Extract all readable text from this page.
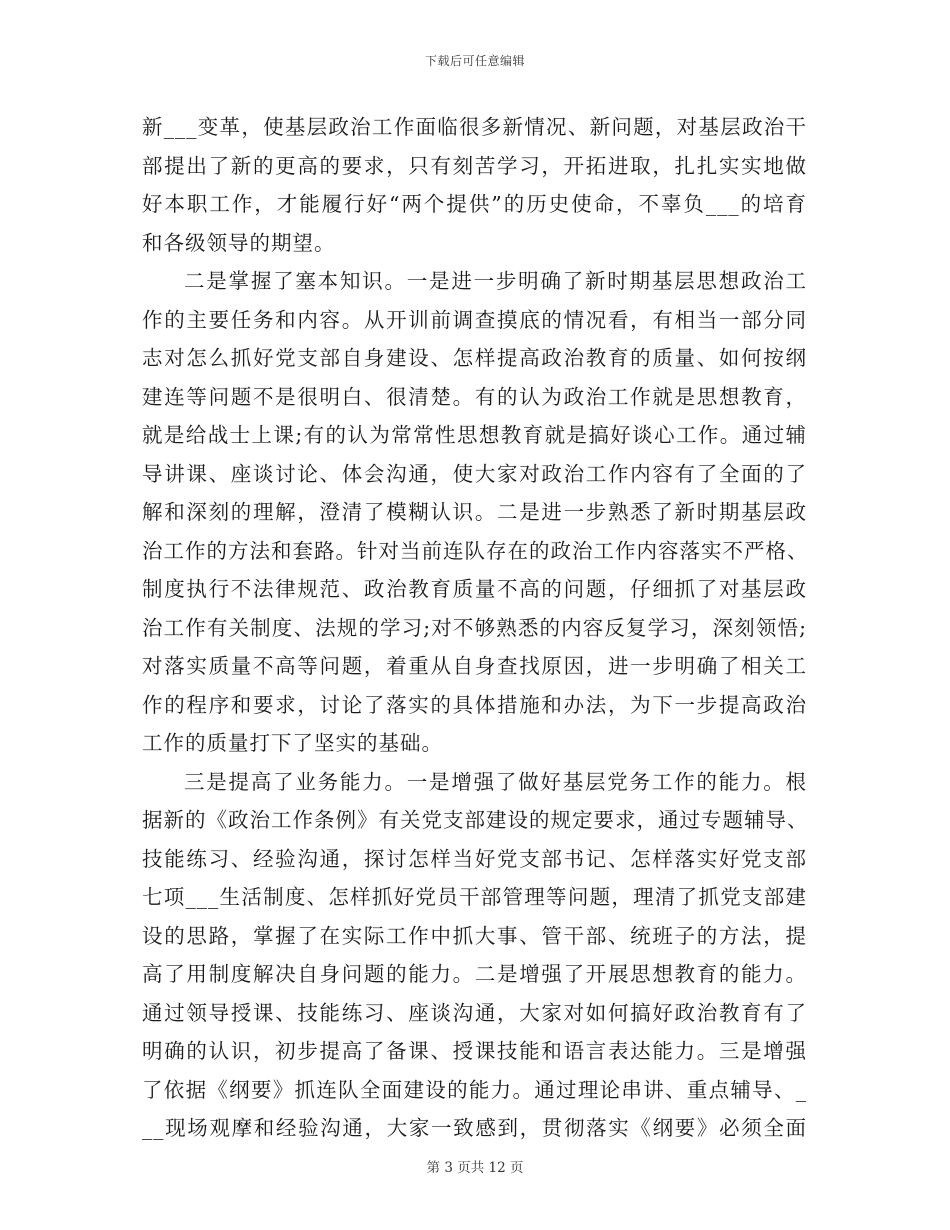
下载后可任意编辑
新___变革，使基层政治工作面临很多新情况、新问题，对基层政治干
部提出了新的更高的要求，只有刻苦学习，开拓进取，扎扎实实地做
好本职工作，才能履行好“两个提供”的历史使命，不辜负___的培育
和各级领导的期望。
二是掌握了塞本知识。一是进一步明确了新时期基层思想政治工
作的主要任务和内容。从开训前调查摸底的情况看，有相当一部分同
志对怎么抓好党支部自身建设、怎样提高政治教育的质量、如何按纲
建连等问题不是很明白、很清楚。有的认为政治工作就是思想教育，
就是给战士上课;有的认为常常性思想教育就是搞好谈心工作。通过辅
导讲课、座谈讨论、体会沟通，使大家对政治工作内容有了全面的了
解和深刻的理解，澄清了模糊认识。二是进一步熟悉了新时期基层政
治工作的方法和套路。针对当前连队存在的政治工作内容落实不严格、
制度执行不法律规范、政治教育质量不高的问题，仔细抓了对基层政
治工作有关制度、法规的学习;对不够熟悉的内容反复学习，深刻领悟;
对落实质量不高等问题，着重从自身查找原因，进一步明确了相关工
作的程序和要求，讨论了落实的具体措施和办法，为下一步提高政治
工作的质量打下了坚实的基础。
三是提高了业务能力。一是增强了做好基层党务工作的能力。根
据新的《政治工作条例》有关党支部建设的规定要求，通过专题辅导、
技能练习、经验沟通，探讨怎样当好党支部书记、怎样落实好党支部
七项___生活制度、怎样抓好党员干部管理等问题，理清了抓党支部建
设的思路，掌握了在实际工作中抓大事、管干部、统班子的方法，提
高了用制度解决自身问题的能力。二是增强了开展思想教育的能力。
通过领导授课、技能练习、座谈沟通，大家对如何搞好政治教育有了
明确的认识，初步提高了备课、授课技能和语言表达能力。三是增强
了依据《纲要》抓连队全面建设的能力。通过理论串讲、重点辅导、_
__现场观摩和经验沟通，大家一致感到，贯彻落实《纲要》必须全面
第 3 页共 12 页
